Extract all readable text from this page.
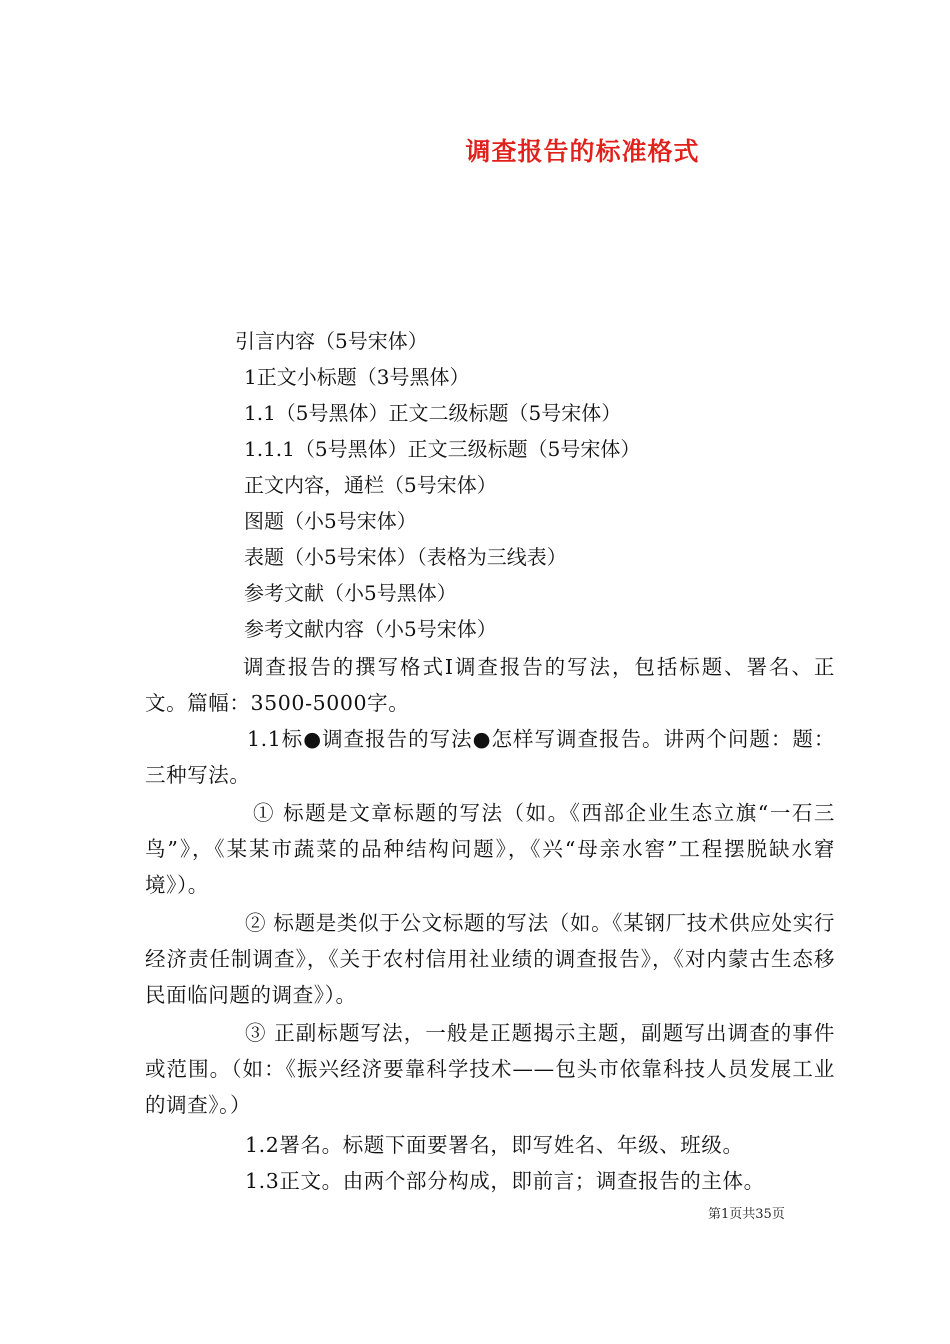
调查报告的标准格式
引言内容（5号宋体）
1正文小标题（3号黑体）
1.1（5号黑体）正文二级标题（5号宋体）
1.1.1（5号黑体）正文三级标题（5号宋体）
正文内容，通栏（5号宋体）
图题（小5号宋体）
表题（小5号宋体）（表格为三线表）
参考文献（小5号黑体）
参考文献内容（小5号宋体）
调查报告的撰写格式Ⅰ调查报告的写法，包括标题、署名、正文。篇幅：3500-5000字。
1.1标●调查报告的写法●怎样写调查报告。讲两个问题：题：三种写法。
① 标题是文章标题的写法（如。《西部企业生态立旗“一石三鸟”》，《某某市蔬菜的品种结构问题》，《兴“母亲水窖”工程摆脱缺水窘境》）。
② 标题是类似于公文标题的写法（如。《某钢厂技术供应处实行经济责任制调查》，《关于农村信用社业绩的调查报告》，《对内蒙古生态移民面临问题的调查》）。
③ 正副标题写法，一般是正题揭示主题，副题写出调查的事件或范围。（如：《振兴经济要靠科学技术——包头市依靠科技人员发展工业的调查》。）
1.2署名。标题下面要署名，即写姓名、年级、班级。
1.3正文。由两个部分构成，即前言；调查报告的主体。
第1页共35页
